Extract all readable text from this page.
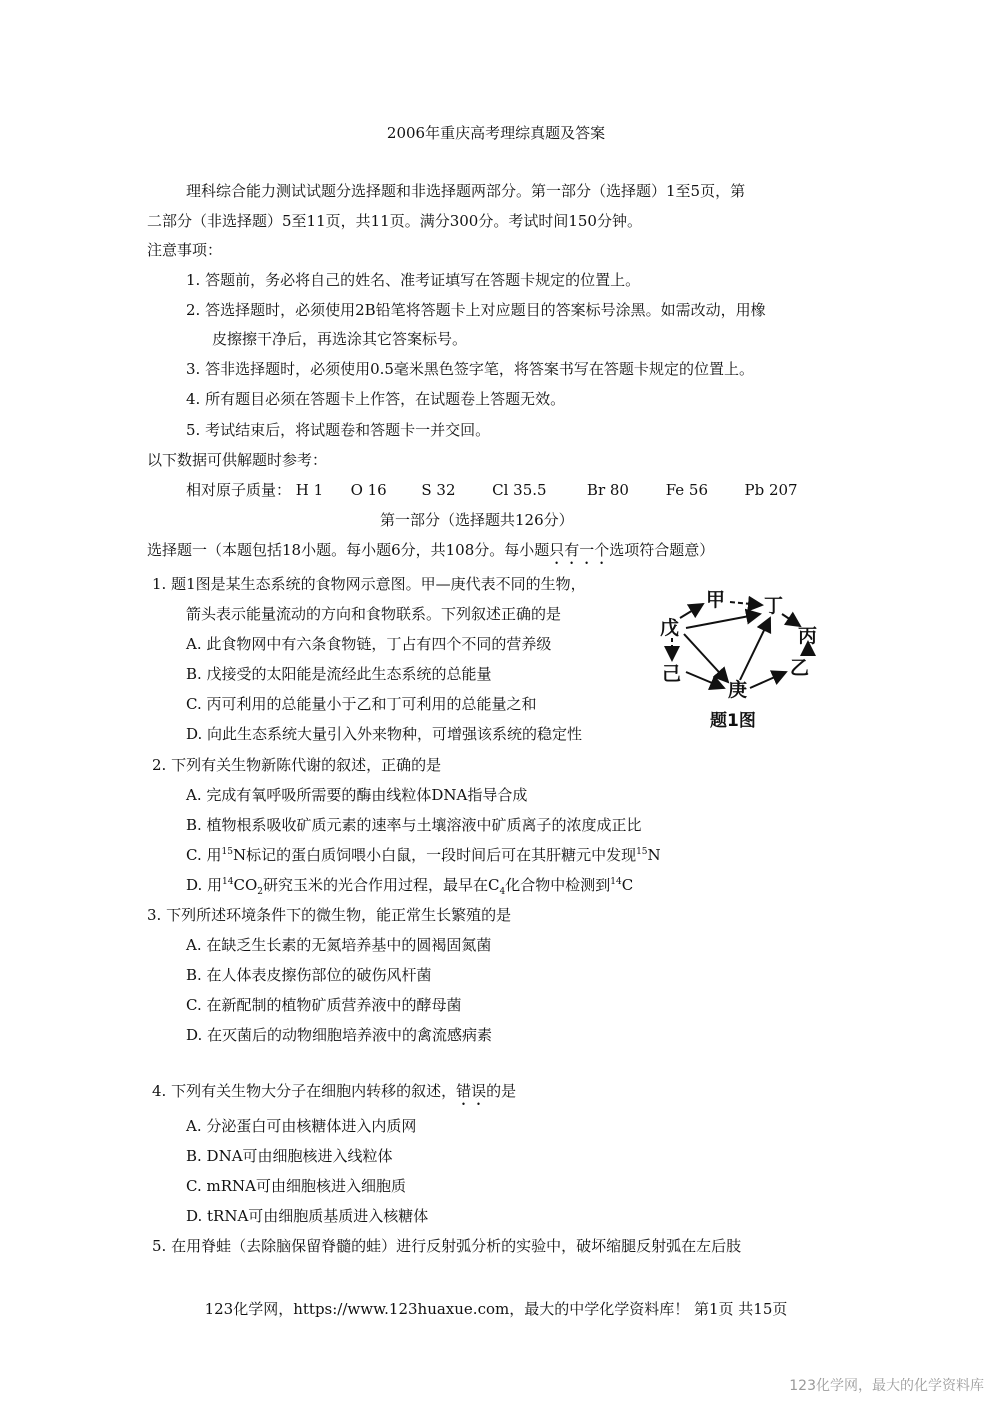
2006年重庆高考理综真题及答案
理科综合能力测试试题分选择题和非选择题两部分。第一部分（选择题）1至5页，第
二部分（非选择题）5至11页，共11页。满分300分。考试时间150分钟。
注意事项：
1. 答题前，务必将自己的姓名、准考证填写在答题卡规定的位置上。
2. 答选择题时，必须使用2B铅笔将答题卡上对应题目的答案标号涂黑。如需改动，用橡
皮擦擦干净后，再选涂其它答案标号。
3. 答非选择题时，必须使用0.5毫米黑色签字笔，将答案书写在答题卡规定的位置上。
4. 所有题目必须在答题卡上作答，在试题卷上答题无效。
5. 考试结束后，将试题卷和答题卡一并交回。
以下数据可供解题时参考：
相对原子质量： H 1 O 16 S 32 Cl 35.5	Br 80 Fe 56 Pb 207
第一部分（选择题共126分）
选择题一（本题包括18小题。每小题6分，共108分。每小题只有一个选项符合题意）
1. 题1图是某生态系统的食物网示意图。甲—庚代表不同的生物，
箭头表示能量流动的方向和食物联系。下列叙述正确的是
A. 此食物网中有六条食物链，丁占有四个不同的营养级
B. 戊接受的太阳能是流经此生态系统的总能量
C. 丙可利用的总能量小于乙和丁可利用的总能量之和
D. 向此生态系统大量引入外来物种，可增强该系统的稳定性
甲 丁
戊	丙
己	乙
庚
题1图
2. 下列有关生物新陈代谢的叙述，正确的是
A. 完成有氧呼吸所需要的酶由线粒体DNA指导合成
B. 植物根系吸收矿质元素的速率与土壤溶液中矿质离子的浓度成正比
C. 用$^{15}$N标记的蛋白质饲喂小白鼠，一段时间后可在其肝糖元中发现$^{15}$N
D. 用$^{14}CO_2$研究玉米的光合作用过程，最早在$C_4$化合物中检测到$^{14}$C
3. 下列所述环境条件下的微生物，能正常生长繁殖的是
A. 在缺乏生长素的无氮培养基中的圆褐固氮菌
B. 在人体表皮擦伤部位的破伤风杆菌
C. 在新配制的植物矿质营养液中的酵母菌
D. 在灭菌后的动物细胞培养液中的禽流感病素
4. 下列有关生物大分子在细胞内转移的叙述，错误的是
A. 分泌蛋白可由核糖体进入内质网
B. DNA可由细胞核进入线粒体
C. mRNA可由细胞核进入细胞质
D. tRNA可由细胞质基质进入核糖体
5. 在用脊蛙（去除脑保留脊髓的蛙）进行反射弧分析的实验中，破坏缩腿反射弧在左后肢
123化学网，https://www.123huaxue.com，最大的中学化学资料库！ 第1页 共15页
123化学网，最大的化学资料库
